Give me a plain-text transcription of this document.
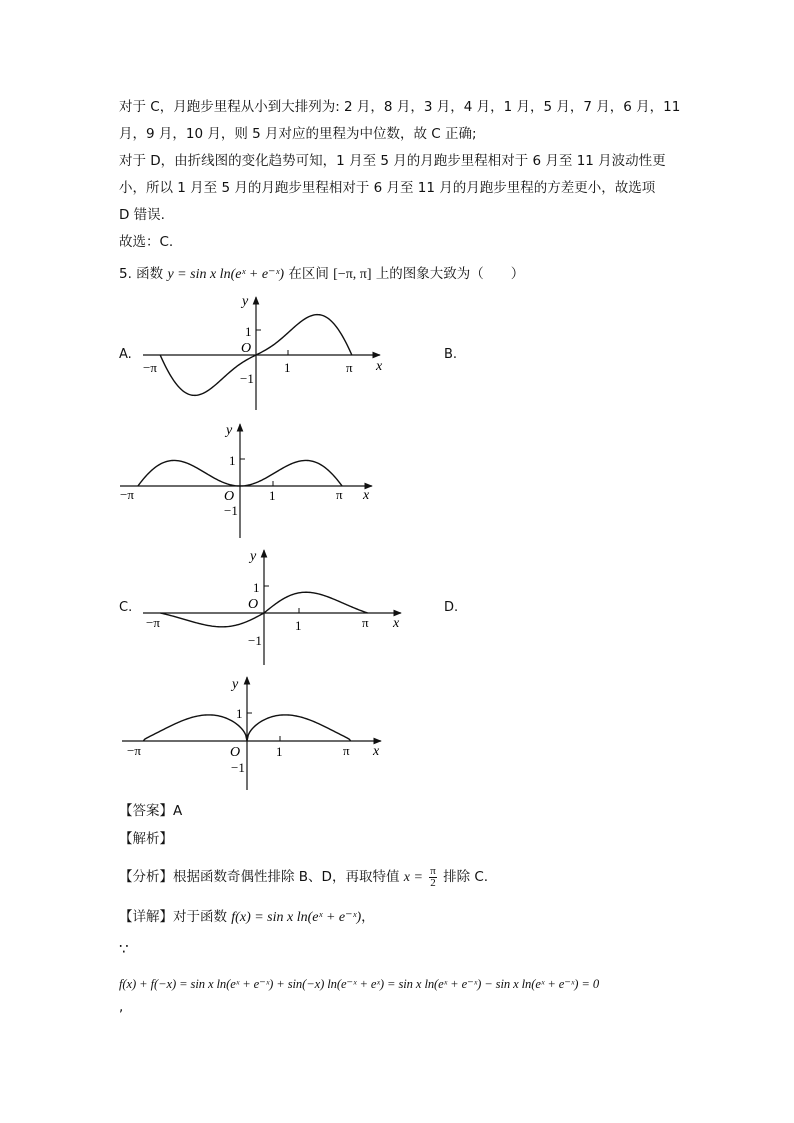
对于 C，月跑步里程从小到大排列为: 2 月，8 月，3 月，4 月，1 月，5 月，7 月，6 月，11
月，9 月，10 月，则 5 月对应的里程为中位数，故 C 正确;
对于 D，由折线图的变化趋势可知，1 月至 5 月的月跑步里程相对于 6 月至 11 月波动性更
小，所以 1 月至 5 月的月跑步里程相对于 6 月至 11 月的月跑步里程的方差更小，故选项
D 错误.
故选：C.
5. 函数 y = sin x ln(eˣ + e⁻ˣ) 在区间 [−π, π] 上的图象大致为（　　）
A.	B.
C.	D.
y
x
O
1
−1
1	π
−π
y
x
O
1
−1
1	π
−π
y
x
O
1
−1
1	π
−π
y
x
O
1
−1
1	π
−π
【答案】A
【解析】
【分析】根据函数奇偶性排除 B、D，再取特值 $x = \frac{\pi}{2}$ 排除 C.
【详解】对于函数 f(x) = sin x ln(eˣ + e⁻ˣ)，
∵
f(x) + f(−x) = sin x ln(eˣ + e⁻ˣ) + sin(−x) ln(e⁻ˣ + eˣ) = sin x ln(eˣ + e⁻ˣ) − sin x ln(eˣ + e⁻ˣ) = 0
,
